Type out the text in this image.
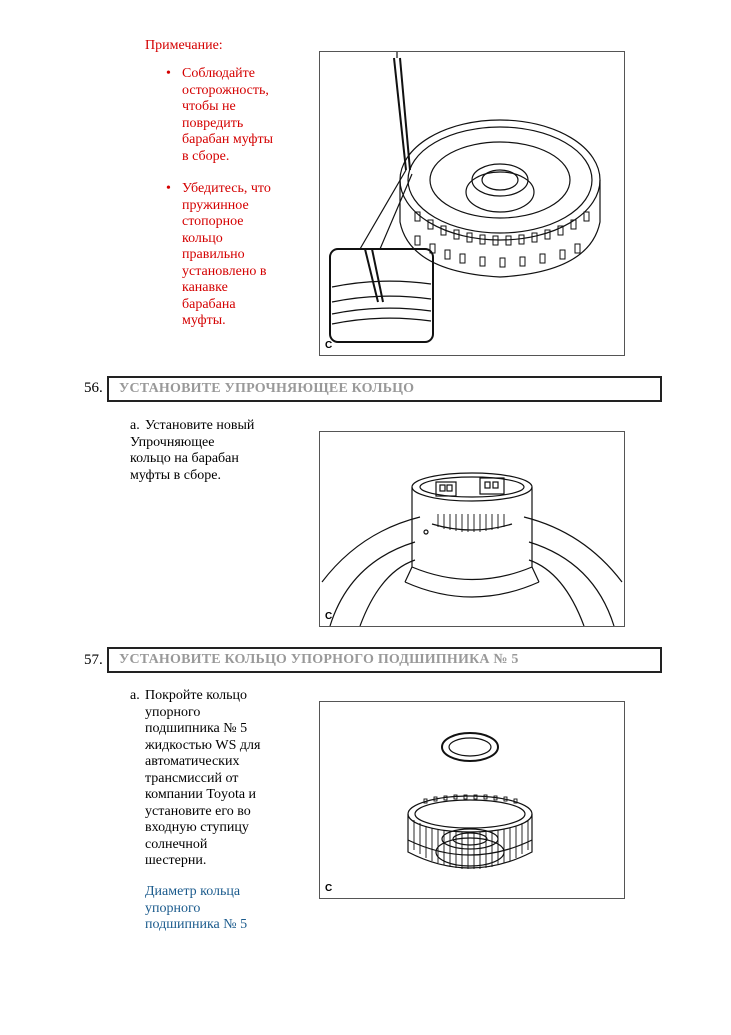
Примечание:
• Соблюдайте
осторожность,
чтобы не
повредить
барабан муфты
в сборе.
• Убедитесь, что
пружинное
стопорное
кольцо
правильно
установлено в
канавке
барабана
муфты.
C
56. УСТАНОВИТЕ УПРОЧНЯЮЩЕЕ КОЛЬЦО
a. Установите новый
Упрочняющее
кольцо на барабан
муфты в сборе.
C
57. УСТАНОВИТЕ КОЛЬЦО УПОРНОГО ПОДШИПНИКА № 5
a. Покройте кольцо
упорного
подшипника № 5
жидкостью WS для
автоматических
трансмиссий от
компании Toyota и
установите его во
входную ступицу
солнечной
шестерни.
Диаметр кольца
упорного
подшипника № 5
C
